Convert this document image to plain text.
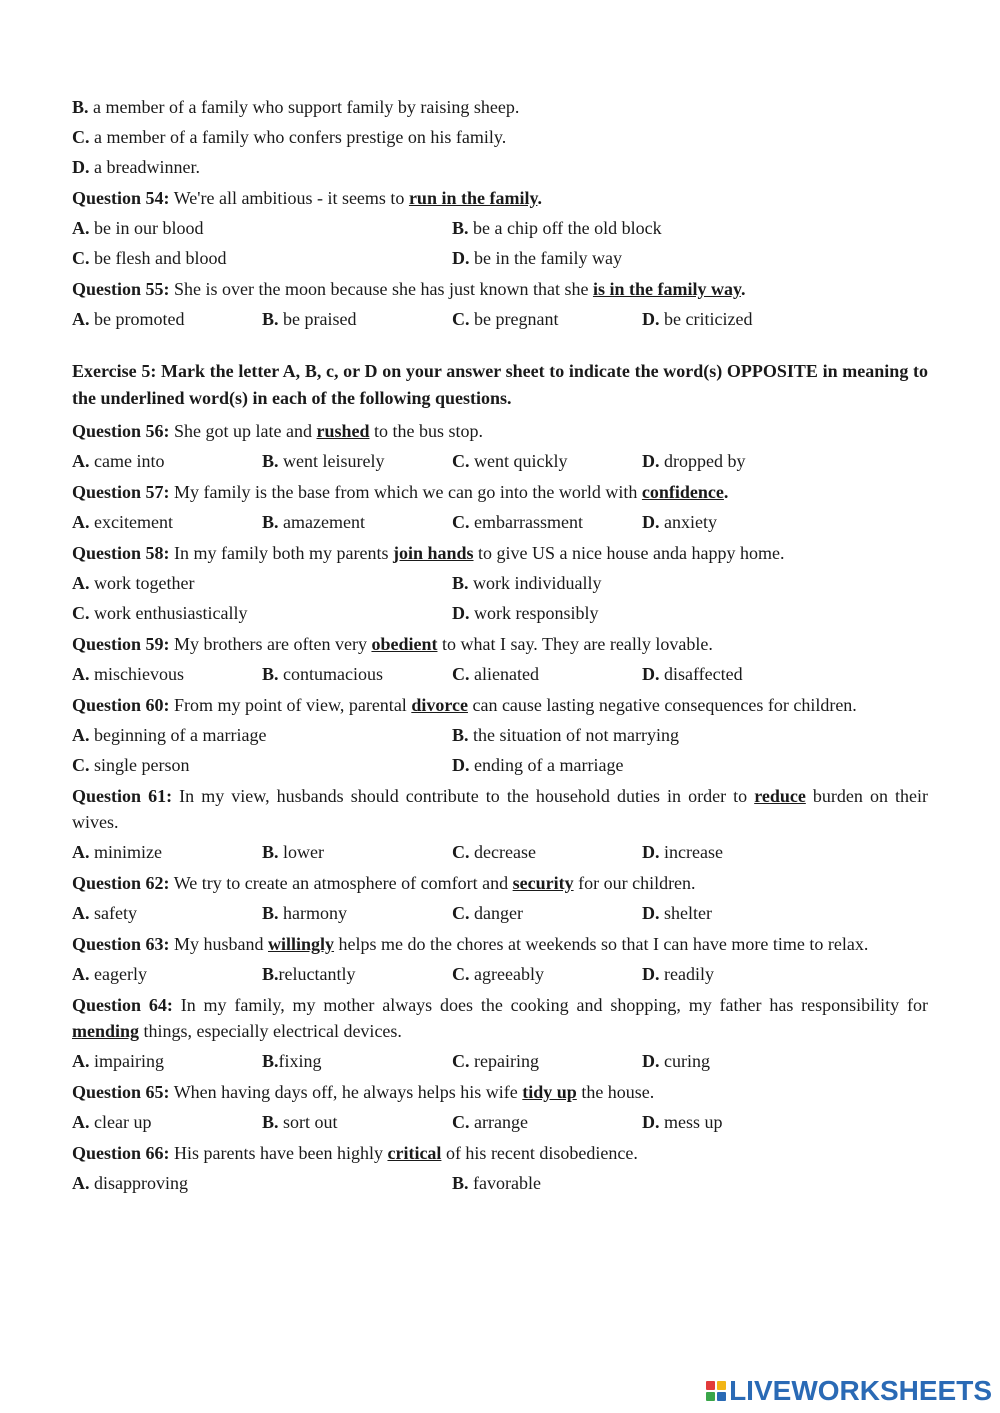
B. a member of a family who support family by raising sheep.
C. a member of a family who confers prestige on his family.
D. a breadwinner.
Question 54: We're all ambitious - it seems to run in the family.
A. be in our blood	B. be a chip off the old block
C. be flesh and blood	D. be in the family way
Question 55: She is over the moon because she has just known that she is in the family way.
A. be promoted	B. be praised	C. be pregnant	D. be criticized
Exercise 5: Mark the letter A, B, c, or D on your answer sheet to indicate the word(s) OPPOSITE in meaning to the underlined word(s) in each of the following questions.
Question 56: She got up late and rushed to the bus stop.
A. came into	B. went leisurely	C. went quickly	D. dropped by
Question 57: My family is the base from which we can go into the world with confidence.
A. excitement	B. amazement	C. embarrassment	D. anxiety
Question 58: In my family both my parents join hands to give US a nice house anda happy home.
A. work together	B. work individually
C. work enthusiastically	D. work responsibly
Question 59: My brothers are often very obedient to what I say. They are really lovable.
A. mischievous	B. contumacious	C. alienated	D. disaffected
Question 60: From my point of view, parental divorce can cause lasting negative consequences for children.
A. beginning of a marriage	B. the situation of not marrying
C. single person	D. ending of a marriage
Question 61: In my view, husbands should contribute to the household duties in order to reduce burden on their wives.
A. minimize	B. lower	C. decrease	D. increase
Question 62: We try to create an atmosphere of comfort and security for our children.
A. safety	B. harmony	C. danger	D. shelter
Question 63: My husband willingly helps me do the chores at weekends so that I can have more time to relax.
A. eagerly	B.reluctantly	C. agreeably	D. readily
Question 64: In my family, my mother always does the cooking and shopping, my father has responsibility for mending things, especially electrical devices.
A. impairing	B.fixing	C. repairing	D. curing
Question 65: When having days off, he always helps his wife tidy up the house.
A. clear up	B. sort out	C. arrange	D. mess up
Question 66: His parents have been highly critical of his recent disobedience.
A. disapproving	B. favorable
LIVEWORKSHEETS
